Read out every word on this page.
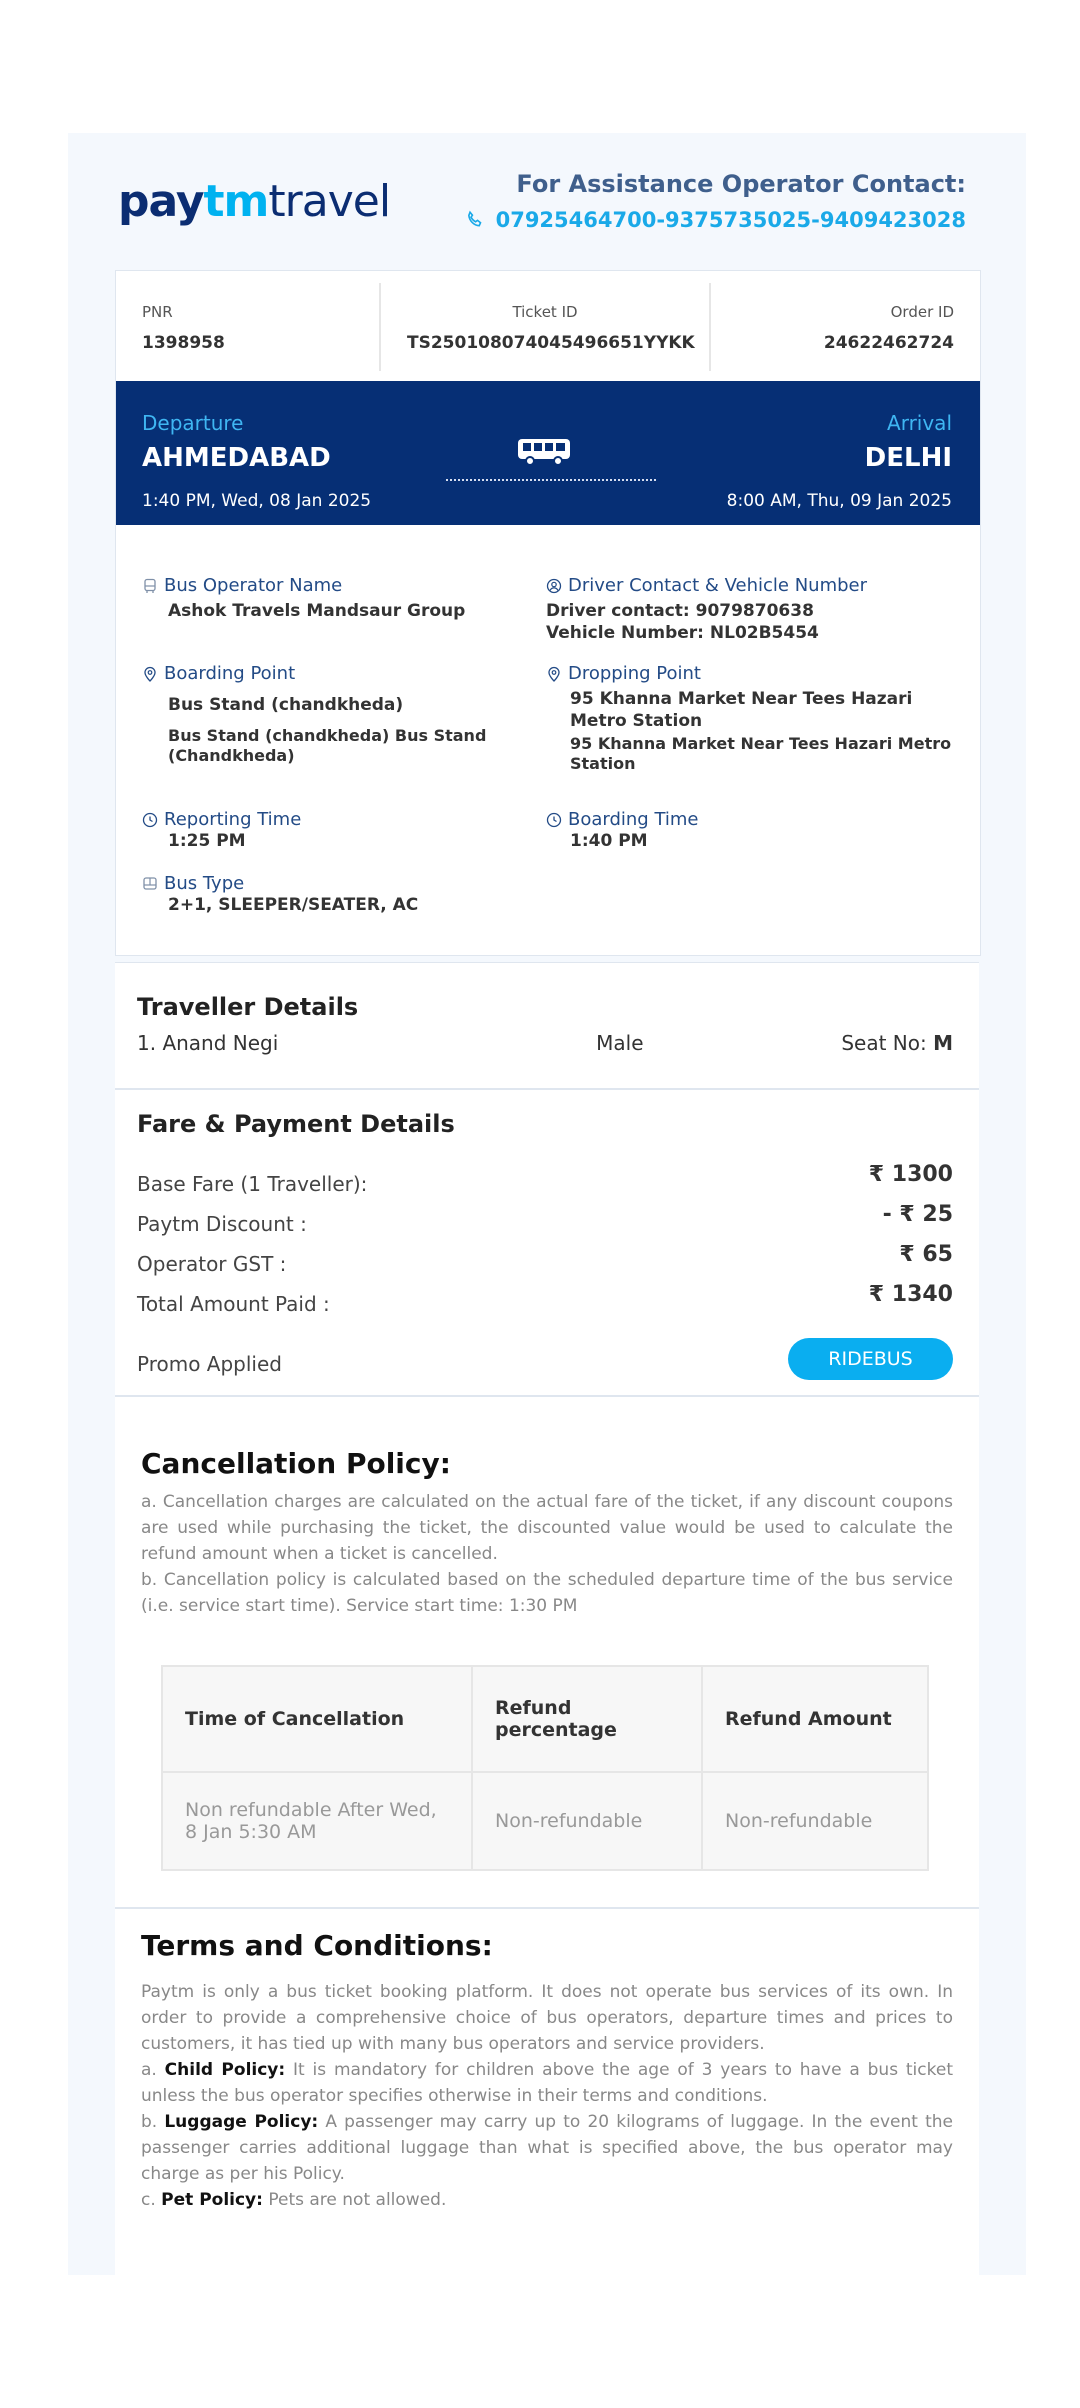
paytmtravel	For Assistance Operator Contact:
07925464700-9375735025-9409423028
PNR
1398958
Ticket ID
TS250108074045496651YYKK
Order ID
24622462724
Departure
AHMEDABAD
1:40 PM, Wed, 08 Jan 2025
Arrival
DELHI
8:00 AM, Thu, 09 Jan 2025
Bus Operator Name
Ashok Travels Mandsaur Group
Driver Contact & Vehicle Number
Driver contact: 9079870638
Vehicle Number: NL02B5454
Boarding Point
Bus Stand (chandkheda)
Bus Stand (chandkheda) Bus Stand (Chandkheda)
Dropping Point
95 Khanna Market Near Tees Hazari Metro Station
95 Khanna Market Near Tees Hazari Metro Station
Reporting Time
1:25 PM
Boarding Time
1:40 PM
Bus Type
2+1, SLEEPER/SEATER, AC
Traveller Details
1. Anand Negi	Male	Seat No: M
Fare & Payment Details
Base Fare (1 Traveller):	₹ 1300
Paytm Discount :	- ₹ 25
Operator GST :	₹ 65
Total Amount Paid :	₹ 1340
Promo Applied	RIDEBUS
Cancellation Policy:
a. Cancellation charges are calculated on the actual fare of the ticket, if any discount coupons are used while purchasing the ticket, the discounted value would be used to calculate the refund amount when a ticket is cancelled.
b. Cancellation policy is calculated based on the scheduled departure time of the bus service (i.e. service start time). Service start time: 1:30 PM
Time of Cancellation	Refund percentage	Refund Amount
Non refundable After Wed, 8 Jan 5:30 AM	Non-refundable	Non-refundable
Terms and Conditions:
Paytm is only a bus ticket booking platform. It does not operate bus services of its own. In order to provide a comprehensive choice of bus operators, departure times and prices to customers, it has tied up with many bus operators and service providers.
a. Child Policy: It is mandatory for children above the age of 3 years to have a bus ticket unless the bus operator specifies otherwise in their terms and conditions.
b. Luggage Policy: A passenger may carry up to 20 kilograms of luggage. In the event the passenger carries additional luggage than what is specified above, the bus operator may charge as per his Policy.
c. Pet Policy: Pets are not allowed.
